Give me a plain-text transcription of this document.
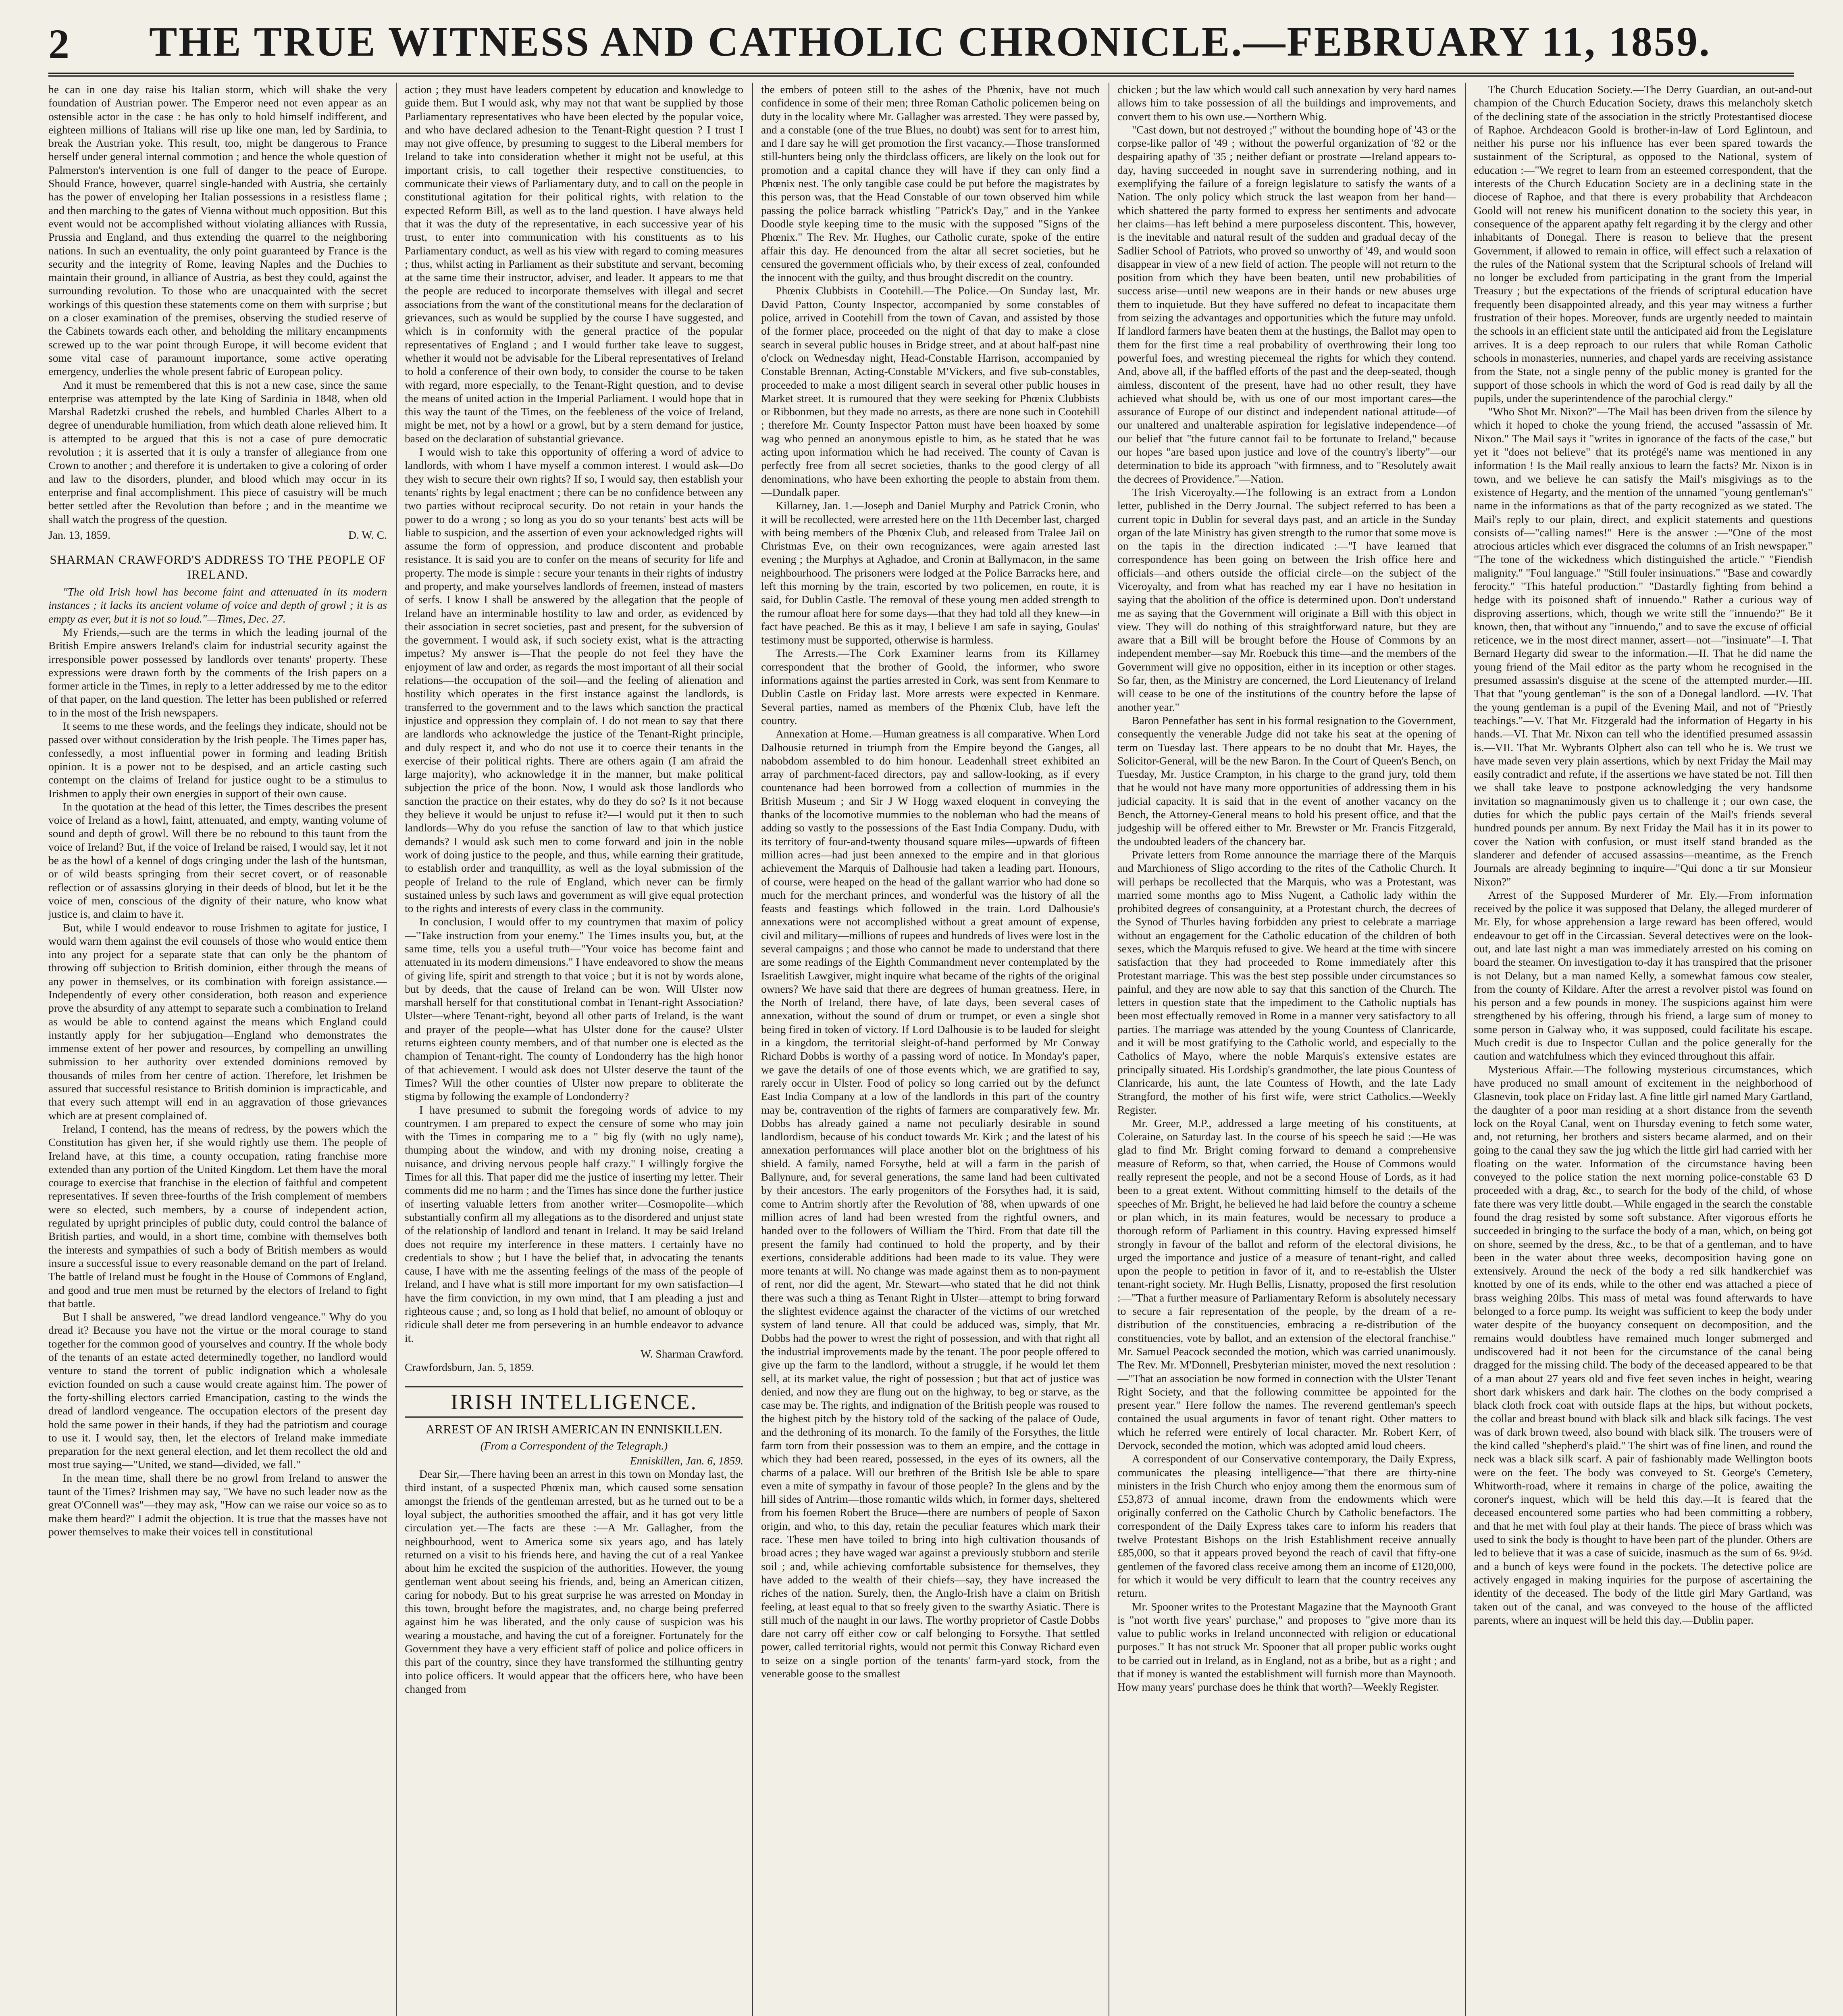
2 THE TRUE WITNESS AND CATHOLIC CHRONICLE.—FEBRUARY 11, 1859.

he can in one day raise his Italian storm, which will shake the very foundation of Austrian power. The Emperor need not even appear as an ostensible actor in the case : he has only to hold himself indifferent, and eighteen millions of Italians will rise up like one man, led by Sardinia, to break the Austrian yoke. This result, too, might be dangerous to France herself under general internal commotion ; and hence the whole question of Palmerston's intervention is one full of danger to the peace of Europe. Should France, however, quarrel single-handed with Austria, she certainly has the power of enveloping her Italian possessions in a resistless flame ; and then marching to the gates of Vienna without much opposition. But this event would not be accomplished without violating alliances with Russia, Prussia and England, and thus extending the quarrel to the neighboring nations. In such an eventuality, the only point guaranteed by France is the security and the integrity of Rome, leaving Naples and the Duchies to maintain their ground, in alliance of Austria, as best they could, against the surrounding revolution. To those who are unacquainted with the secret workings of this question these statements come on them with surprise ; but on a closer examination of the premises, observing the studied reserve of the Cabinets towards each other, and beholding the military encampments screwed up to the war point through Europe, it will become evident that some vital case of paramount importance, some active operating emergency, underlies the whole present fabric of European policy.

And it must be remembered that this is not a new case, since the same enterprise was attempted by the late King of Sardinia in 1848, when old Marshal Radetzki crushed the rebels, and humbled Charles Albert to a degree of unendurable humiliation, from which death alone relieved him. It is attempted to be argued that this is not a case of pure democratic revolution ; it is asserted that it is only a transfer of allegiance from one Crown to another ; and therefore it is undertaken to give a coloring of order and law to the disorders, plunder, and blood which may occur in its enterprise and final accomplishment. This piece of casuistry will be much better settled after the Revolution than before ; and in the meantime we shall watch the progress of the question.

Jan. 13, 1859.	D. W. C.
SHARMAN CRAWFORD'S ADDRESS TO THE PEOPLE OF IRELAND.

"The old Irish howl has become faint and attenuated in its modern instances ; it lacks its ancient volume of voice and depth of growl ; it is as empty as ever, but it is not so loud."—Times, Dec. 27.

My Friends,—such are the terms in which the leading journal of the British Empire answers Ireland's claim for industrial security against the irresponsible power possessed by landlords over tenants' property. These expressions were drawn forth by the comments of the Irish papers on a former article in the Times, in reply to a letter addressed by me to the editor of that paper, on the land question. The letter has been published or referred to in the most of the Irish newspapers.

It seems to me these words, and the feelings they indicate, should not be passed over without consideration by the Irish people. The Times paper has, confessedly, a most influential power in forming and leading British opinion. It is a power not to be despised, and an article casting such contempt on the claims of Ireland for justice ought to be a stimulus to Irishmen to apply their own energies in support of their own cause.

In the quotation at the head of this letter, the Times describes the present voice of Ireland as a howl, faint, attenuated, and empty, wanting volume of sound and depth of growl. Will there be no rebound to this taunt from the voice of Ireland? But, if the voice of Ireland be raised, I would say, let it not be as the howl of a kennel of dogs cringing under the lash of the huntsman, or of wild beasts springing from their secret covert, or of reasonable reflection or of assassins glorying in their deeds of blood, but let it be the voice of men, conscious of the dignity of their nature, who know what justice is, and claim to have it.

But, while I would endeavor to rouse Irishmen to agitate for justice, I would warn them against the evil counsels of those who would entice them into any project for a separate state that can only be the phantom of throwing off subjection to British dominion, either through the means of any power in themselves, or its combination with foreign assistance.—Independently of every other consideration, both reason and experience prove the absurdity of any attempt to separate such a combination to Ireland as would be able to contend against the means which England could instantly apply for her subjugation—England who demonstrates the immense extent of her power and resources, by compelling an unwilling submission to her authority over extended dominions removed by thousands of miles from her centre of action. Therefore, let Irishmen be assured that successful resistance to British dominion is impracticable, and that every such attempt will end in an aggravation of those grievances which are at present complained of.

Ireland, I contend, has the means of redress, by the powers which the Constitution has given her, if she would rightly use them. The people of Ireland have, at this time, a county occupation, rating franchise more extended than any portion of the United Kingdom. Let them have the moral courage to exercise that franchise in the election of faithful and competent representatives. If seven three-fourths of the Irish complement of members were so elected, such members, by a course of independent action, regulated by upright principles of public duty, could control the balance of British parties, and would, in a short time, combine with themselves both the interests and sympathies of such a body of British members as would insure a successful issue to every reasonable demand on the part of Ireland. The battle of Ireland must be fought in the House of Commons of England, and good and true men must be returned by the electors of Ireland to fight that battle.

But I shall be answered, "we dread landlord vengeance." Why do you dread it? Because you have not the virtue or the moral courage to stand together for the common good of yourselves and country. If the whole body of the tenants of an estate acted determinedly together, no landlord would venture to stand the torrent of public indignation which a wholesale eviction founded on such a cause would create against him. The power of the forty-shilling electors carried Emancipation, casting to the winds the dread of landlord vengeance. The occupation electors of the present day hold the same power in their hands, if they had the patriotism and courage to use it. I would say, then, let the electors of Ireland make immediate preparation for the next general election, and let them recollect the old and most true saying—"United, we stand—divided, we fall."

In the mean time, shall there be no growl from Ireland to answer the taunt of the Times? Irishmen may say, "We have no such leader now as the great O'Connell was"—they may ask, "How can we raise our voice so as to make them heard?" I admit the objection. It is true that the masses have not power themselves to make their voices tell in constitutional

action ; they must have leaders competent by education and knowledge to guide them. But I would ask, why may not that want be supplied by those Parliamentary representatives who have been elected by the popular voice, and who have declared adhesion to the Tenant-Right question ? I trust I may not give offence, by presuming to suggest to the Liberal members for Ireland to take into consideration whether it might not be useful, at this important crisis, to call together their respective constituencies, to communicate their views of Parliamentary duty, and to call on the people in constitutional agitation for their political rights, with relation to the expected Reform Bill, as well as to the land question. I have always held that it was the duty of the representative, in each successive year of his trust, to enter into communication with his constituents as to his Parliamentary conduct, as well as his view with regard to coming measures ; thus, whilst acting in Parliament as their substitute and servant, becoming at the same time their instructor, adviser, and leader. It appears to me that the people are reduced to incorporate themselves with illegal and secret associations from the want of the constitutional means for the declaration of grievances, such as would be supplied by the course I have suggested, and which is in conformity with the general practice of the popular representatives of England ; and I would further take leave to suggest, whether it would not be advisable for the Liberal representatives of Ireland to hold a conference of their own body, to consider the course to be taken with regard, more especially, to the Tenant-Right question, and to devise the means of united action in the Imperial Parliament. I would hope that in this way the taunt of the Times, on the feebleness of the voice of Ireland, might be met, not by a howl or a growl, but by a stern demand for justice, based on the declaration of substantial grievance.

I would wish to take this opportunity of offering a word of advice to landlords, with whom I have myself a common interest. I would ask—Do they wish to secure their own rights? If so, I would say, then establish your tenants' rights by legal enactment ; there can be no confidence between any two parties without reciprocal security. Do not retain in your hands the power to do a wrong ; so long as you do so your tenants' best acts will be liable to suspicion, and the assertion of even your acknowledged rights will assume the form of oppression, and produce discontent and probable resistance. It is said you are to confer on the means of security for life and property. The mode is simple : secure your tenants in their rights of industry and property, and make yourselves landlords of freemen, instead of masters of serfs. I know I shall be answered by the allegation that the people of Ireland have an interminable hostility to law and order, as evidenced by their association in secret societies, past and present, for the subversion of the government. I would ask, if such society exist, what is the attracting impetus? My answer is—That the people do not feel they have the enjoyment of law and order, as regards the most important of all their social relations—the occupation of the soil—and the feeling of alienation and hostility which operates in the first instance against the landlords, is transferred to the government and to the laws which sanction the practical injustice and oppression they complain of. I do not mean to say that there are landlords who acknowledge the justice of the Tenant-Right principle, and duly respect it, and who do not use it to coerce their tenants in the exercise of their political rights. There are others again (I am afraid the large majority), who acknowledge it in the manner, but make political subjection the price of the boon. Now, I would ask those landlords who sanction the practice on their estates, why do they do so? Is it not because they believe it would be unjust to refuse it?—I would put it then to such landlords—Why do you refuse the sanction of law to that which justice demands? I would ask such men to come forward and join in the noble work of doing justice to the people, and thus, while earning their gratitude, to establish order and tranquillity, as well as the loyal submission of the people of Ireland to the rule of England, which never can be firmly sustained unless by such laws and government as will give equal protection to the rights and interests of every class in the community.

In conclusion, I would offer to my countrymen that maxim of policy—"Take instruction from your enemy." The Times insults you, but, at the same time, tells you a useful truth—"Your voice has become faint and attenuated in its modern dimensions." I have endeavored to show the means of giving life, spirit and strength to that voice ; but it is not by words alone, but by deeds, that the cause of Ireland can be won. Will Ulster now marshall herself for that constitutional combat in Tenant-right Association? Ulster—where Tenant-right, beyond all other parts of Ireland, is the want and prayer of the people—what has Ulster done for the cause? Ulster returns eighteen county members, and of that number one is elected as the champion of Tenant-right. The county of Londonderry has the high honor of that achievement. I would ask does not Ulster deserve the taunt of the Times? Will the other counties of Ulster now prepare to obliterate the stigma by following the example of Londonderry?

I have presumed to submit the foregoing words of advice to my countrymen. I am prepared to expect the censure of some who may join with the Times in comparing me to a " big fly (with no ugly name), thumping about the window, and with my droning noise, creating a nuisance, and driving nervous people half crazy." I willingly forgive the Times for all this. That paper did me the justice of inserting my letter. Their comments did me no harm ; and the Times has since done the further justice of inserting valuable letters from another writer—Cosmopolite—which substantially confirm all my allegations as to the disordered and unjust state of the relationship of landlord and tenant in Ireland. It may be said Ireland does not require my interference in these matters. I certainly have no credentials to show ; but I have the belief that, in advocating the tenants cause, I have with me the assenting feelings of the mass of the people of Ireland, and I have what is still more important for my own satisfaction—I have the firm conviction, in my own mind, that I am pleading a just and righteous cause ; and, so long as I hold that belief, no amount of obloquy or ridicule shall deter me from persevering in an humble endeavor to advance it.

W. Sharman Crawford.
Crawfordsburn, Jan. 5, 1859.
IRISH INTELLIGENCE.
ARREST OF AN IRISH AMERICAN IN ENNISKILLEN.
(From a Correspondent of the Telegraph.)
Enniskillen, Jan. 6, 1859.

Dear Sir,—There having been an arrest in this town on Monday last, the third instant, of a suspected Phœnix man, which caused some sensation amongst the friends of the gentleman arrested, but as he turned out to be a loyal subject, the authorities smoothed the affair, and it has got very little circulation yet.—The facts are these :—A Mr. Gallagher, from the neighbourhood, went to America some six years ago, and has lately returned on a visit to his friends here, and having the cut of a real Yankee about him he excited the suspicion of the authorities. However, the young gentleman went about seeing his friends, and, being an American citizen, caring for nobody. But to his great surprise he was arrested on Monday in this town, brought before the magistrates, and, no charge being preferred against him he was liberated, and the only cause of suspicion was his wearing a moustache, and having the cut of a foreigner. Fortunately for the Government they have a very efficient staff of police and police officers in this part of the country, since they have transformed the stilhunting gentry into police officers. It would appear that the officers here, who have been changed from

the embers of poteen still to the ashes of the Phœnix, have not much confidence in some of their men; three Roman Catholic policemen being on duty in the locality where Mr. Gallagher was arrested. They were passed by, and a constable (one of the true Blues, no doubt) was sent for to arrest him, and I dare say he will get promotion the first vacancy.—Those transformed still-hunters being only the thirdclass officers, are likely on the look out for promotion and a capital chance they will have if they can only find a Phœnix nest. The only tangible case could be put before the magistrates by this person was, that the Head Constable of our town observed him while passing the police barrack whistling "Patrick's Day," and in the Yankee Doodle style keeping time to the music with the supposed "Signs of the Phœnix." The Rev. Mr. Hughes, our Catholic curate, spoke of the entire affair this day. He denounced from the altar all secret societies, but he censured the government officials who, by their excess of zeal, confounded the innocent with the guilty, and thus brought discredit on the country.

Phœnix Clubbists in Cootehill.—The Police.—On Sunday last, Mr. David Patton, County Inspector, accompanied by some constables of police, arrived in Cootehill from the town of Cavan, and assisted by those of the former place, proceeded on the night of that day to make a close search in several public houses in Bridge street, and at about half-past nine o'clock on Wednesday night, Head-Constable Harrison, accompanied by Constable Brennan, Acting-Constable M'Vickers, and five sub-constables, proceeded to make a most diligent search in several other public houses in Market street. It is rumoured that they were seeking for Phœnix Clubbists or Ribbonmen, but they made no arrests, as there are none such in Cootehill ; therefore Mr. County Inspector Patton must have been hoaxed by some wag who penned an anonymous epistle to him, as he stated that he was acting upon information which he had received. The county of Cavan is perfectly free from all secret societies, thanks to the good clergy of all denominations, who have been exhorting the people to abstain from them.—Dundalk paper.

Killarney, Jan. 1.—Joseph and Daniel Murphy and Patrick Cronin, who it will be recollected, were arrested here on the 11th December last, charged with being members of the Phœnix Club, and released from Tralee Jail on Christmas Eve, on their own recognizances, were again arrested last evening ; the Murphys at Aghadoe, and Cronin at Ballymacon, in the same neighbourhood. The prisoners were lodged at the Police Barracks here, and left this morning by the train, escorted by two policemen, en route, it is said, for Dublin Castle. The removal of these young men added strength to the rumour afloat here for some days—that they had told all they knew—in fact have peached. Be this as it may, I believe I am safe in saying, Goulas' testimony must be supported, otherwise is harmless.

The Arrests.—The Cork Examiner learns from its Killarney correspondent that the brother of Goold, the informer, who swore informations against the parties arrested in Cork, was sent from Kenmare to Dublin Castle on Friday last. More arrests were expected in Kenmare. Several parties, named as members of the Phœnix Club, have left the country.

Annexation at Home.—Human greatness is all comparative. When Lord Dalhousie returned in triumph from the Empire beyond the Ganges, all nabobdom assembled to do him honour. Leadenhall street exhibited an array of parchment-faced directors, pay and sallow-looking, as if every countenance had been borrowed from a collection of mummies in the British Museum ; and Sir J W Hogg waxed eloquent in conveying the thanks of the locomotive mummies to the nobleman who had the means of adding so vastly to the possessions of the East India Company. Dudu, with its territory of four-and-twenty thousand square miles—upwards of fifteen million acres—had just been annexed to the empire and in that glorious achievement the Marquis of Dalhousie had taken a leading part. Honours, of course, were heaped on the head of the gallant warrior who had done so much for the merchant princes, and wonderful was the history of all the feasts and feastings which followed in the train. Lord Dalhousie's annexations were not accomplished without a great amount of expense, civil and military—millions of rupees and hundreds of lives were lost in the several campaigns ; and those who cannot be made to understand that there are some readings of the Eighth Commandment never contemplated by the Israelitish Lawgiver, might inquire what became of the rights of the original owners? We have said that there are degrees of human greatness. Here, in the North of Ireland, there have, of late days, been several cases of annexation, without the sound of drum or trumpet, or even a single shot being fired in token of victory. If Lord Dalhousie is to be lauded for sleight in a kingdom, the territorial sleight-of-hand performed by Mr Conway Richard Dobbs is worthy of a passing word of notice. In Monday's paper, we gave the details of one of those events which, we are gratified to say, rarely occur in Ulster. Food of policy so long carried out by the defunct East India Company at a low of the landlords in this part of the country may be, contravention of the rights of farmers are comparatively few. Mr. Dobbs has already gained a name not peculiarly desirable in sound landlordism, because of his conduct towards Mr. Kirk ; and the latest of his annexation performances will place another blot on the brightness of his shield. A family, named Forsythe, held at will a farm in the parish of Ballynure, and, for several generations, the same land had been cultivated by their ancestors. The early progenitors of the Forsythes had, it is said, come to Antrim shortly after the Revolution of '88, when upwards of one million acres of land had been wrested from the rightful owners, and handed over to the followers of William the Third. From that date till the present the family had continued to hold the property, and by their exertions, considerable additions had been made to its value. They were more tenants at will. No change was made against them as to non-payment of rent, nor did the agent, Mr. Stewart—who stated that he did not think there was such a thing as Tenant Right in Ulster—attempt to bring forward the slightest evidence against the character of the victims of our wretched system of land tenure. All that could be adduced was, simply, that Mr. Dobbs had the power to wrest the right of possession, and with that right all the industrial improvements made by the tenant. The poor people offered to give up the farm to the landlord, without a struggle, if he would let them sell, at its market value, the right of possession ; but that act of justice was denied, and now they are flung out on the highway, to beg or starve, as the case may be. The rights, and indignation of the British people was roused to the highest pitch by the history told of the sacking of the palace of Oude, and the dethroning of its monarch. To the family of the Forsythes, the little farm torn from their possession was to them an empire, and the cottage in which they had been reared, possessed, in the eyes of its owners, all the charms of a palace. Will our brethren of the British Isle be able to spare even a mite of sympathy in favour of those people? In the glens and by the hill sides of Antrim—those romantic wilds which, in former days, sheltered from his foemen Robert the Bruce—there are numbers of people of Saxon origin, and who, to this day, retain the peculiar features which mark their race. These men have toiled to bring into high cultivation thousands of broad acres ; they have waged war against a previously stubborn and sterile soil ; and, while achieving comfortable subsistence for themselves, they have added to the wealth of their chiefs—say, they have increased the riches of the nation. Surely, then, the Anglo-Irish have a claim on British feeling, at least equal to that so freely given to the swarthy Asiatic. There is still much of the naught in our laws. The worthy proprietor of Castle Dobbs dare not carry off either cow or calf belonging to Forsythe. That settled power, called territorial rights, would not permit this Conway Richard even to seize on a single portion of the tenants' farm-yard stock, from the venerable goose to the smallest

chicken ; but the law which would call such annexation by very hard names allows him to take possession of all the buildings and improvements, and convert them to his own use.—Northern Whig.

"Cast down, but not destroyed ;" without the bounding hope of '43 or the corpse-like pallor of '49 ; without the powerful organization of '82 or the despairing apathy of '35 ; neither defiant or prostrate —Ireland appears to-day, having succeeded in nought save in surrendering nothing, and in exemplifying the failure of a foreign legislature to satisfy the wants of a Nation. The only policy which struck the last weapon from her hand—which shattered the party formed to express her sentiments and advocate her claims—has left behind a mere purposeless discontent. This, however, is the inevitable and natural result of the sudden and gradual decay of the Sadlier School of Patriots, who proved so unworthy of '49, and would soon disappear in view of a new field of action. The people will not return to the position from which they have been beaten, until new probabilities of success arise—until new weapons are in their hands or new abuses urge them to inquietude. But they have suffered no defeat to incapacitate them from seizing the advantages and opportunities which the future may unfold. If landlord farmers have beaten them at the hustings, the Ballot may open to them for the first time a real probability of overthrowing their long too powerful foes, and wresting piecemeal the rights for which they contend. And, above all, if the baffled efforts of the past and the deep-seated, though aimless, discontent of the present, have had no other result, they have achieved what should be, with us one of our most important cares—the assurance of Europe of our distinct and independent national attitude—of our unaltered and unalterable aspiration for legislative independence—of our belief that "the future cannot fail to be fortunate to Ireland," because our hopes "are based upon justice and love of the country's liberty"—our determination to bide its approach "with firmness, and to "Resolutely await the decrees of Providence."—Nation.

The Irish Viceroyalty.—The following is an extract from a London letter, published in the Derry Journal. The subject referred to has been a current topic in Dublin for several days past, and an article in the Sunday organ of the late Ministry has given strength to the rumor that some move is on the tapis in the direction indicated :—"I have learned that correspondence has been going on between the Irish office here and officials—and others outside the official circle—on the subject of the Viceroyalty, and from what has reached my ear I have no hesitation in saying that the abolition of the office is determined upon. Don't understand me as saying that the Government will originate a Bill with this object in view. They will do nothing of this straightforward nature, but they are aware that a Bill will be brought before the House of Commons by an independent member—say Mr. Roebuck this time—and the members of the Government will give no opposition, either in its inception or other stages. So far, then, as the Ministry are concerned, the Lord Lieutenancy of Ireland will cease to be one of the institutions of the country before the lapse of another year."

Baron Pennefather has sent in his formal resignation to the Government, consequently the venerable Judge did not take his seat at the opening of term on Tuesday last. There appears to be no doubt that Mr. Hayes, the Solicitor-General, will be the new Baron. In the Court of Queen's Bench, on Tuesday, Mr. Justice Crampton, in his charge to the grand jury, told them that he would not have many more opportunities of addressing them in his judicial capacity. It is said that in the event of another vacancy on the Bench, the Attorney-General means to hold his present office, and that the judgeship will be offered either to Mr. Brewster or Mr. Francis Fitzgerald, the undoubted leaders of the chancery bar.

Private letters from Rome announce the marriage there of the Marquis and Marchioness of Sligo according to the rites of the Catholic Church. It will perhaps be recollected that the Marquis, who was a Protestant, was married some months ago to Miss Nugent, a Catholic lady within the prohibited degrees of consanguinity, at a Protestant church, the decrees of the Synod of Thurles having forbidden any priest to celebrate a marriage without an engagement for the Catholic education of the children of both sexes, which the Marquis refused to give. We heard at the time with sincere satisfaction that they had proceeded to Rome immediately after this Protestant marriage. This was the best step possible under circumstances so painful, and they are now able to say that this sanction of the Church. The letters in question state that the impediment to the Catholic nuptials has been most effectually removed in Rome in a manner very satisfactory to all parties. The marriage was attended by the young Countess of Clanricarde, and it will be most gratifying to the Catholic world, and especially to the Catholics of Mayo, where the noble Marquis's extensive estates are principally situated. His Lordship's grandmother, the late pious Countess of Clanricarde, his aunt, the late Countess of Howth, and the late Lady Strangford, the mother of his first wife, were strict Catholics.—Weekly Register.

Mr. Greer, M.P., addressed a large meeting of his constituents, at Coleraine, on Saturday last. In the course of his speech he said :—He was glad to find Mr. Bright coming forward to demand a comprehensive measure of Reform, so that, when carried, the House of Commons would really represent the people, and not be a second House of Lords, as it had been to a great extent. Without committing himself to the details of the speeches of Mr. Bright, he believed he had laid before the country a scheme or plan which, in its main features, would be necessary to produce a thorough reform of Parliament in this country. Having expressed himself strongly in favour of the ballot and reform of the electoral divisions, he urged the importance and justice of a measure of tenant-right, and called upon the people to petition in favor of it, and to re-establish the Ulster tenant-right society. Mr. Hugh Bellis, Lisnatty, proposed the first resolution :—"That a further measure of Parliamentary Reform is absolutely necessary to secure a fair representation of the people, by the dream of a re-distribution of the constituencies, embracing a re-distribution of the constituencies, vote by ballot, and an extension of the electoral franchise." Mr. Samuel Peacock seconded the motion, which was carried unanimously. The Rev. Mr. M'Donnell, Presbyterian minister, moved the next resolution :—"That an association be now formed in connection with the Ulster Tenant Right Society, and that the following committee be appointed for the present year." Here follow the names. The reverend gentleman's speech contained the usual arguments in favor of tenant right. Other matters to which he referred were entirely of local character. Mr. Robert Kerr, of Dervock, seconded the motion, which was adopted amid loud cheers.

A correspondent of our Conservative contemporary, the Daily Express, communicates the pleasing intelligence—"that there are thirty-nine ministers in the Irish Church who enjoy among them the enormous sum of £53,873 of annual income, drawn from the endowments which were originally conferred on the Catholic Church by Catholic benefactors. The correspondent of the Daily Express takes care to inform his readers that twelve Protestant Bishops on the Irish Establishment receive annually £85,000, so that it appears proved beyond the reach of cavil that fifty-one gentlemen of the favored class receive among them an income of £120,000, for which it would be very difficult to learn that the country receives any return.

Mr. Spooner writes to the Protestant Magazine that the Maynooth Grant is "not worth five years' purchase," and proposes to "give more than its value to public works in Ireland unconnected with religion or educational purposes." It has not struck Mr. Spooner that all proper public works ought to be carried out in Ireland, as in England, not as a bribe, but as a right ; and that if money is wanted the establishment will furnish more than Maynooth. How many years' purchase does he think that worth?—Weekly Register.

The Church Education Society.—The Derry Guardian, an out-and-out champion of the Church Education Society, draws this melancholy sketch of the declining state of the association in the strictly Protestantised diocese of Raphoe. Archdeacon Goold is brother-in-law of Lord Eglintoun, and neither his purse nor his influence has ever been spared towards the sustainment of the Scriptural, as opposed to the National, system of education :—"We regret to learn from an esteemed correspondent, that the interests of the Church Education Society are in a declining state in the diocese of Raphoe, and that there is every probability that Archdeacon Goold will not renew his munificent donation to the society this year, in consequence of the apparent apathy felt regarding it by the clergy and other inhabitants of Donegal. There is reason to believe that the present Government, if allowed to remain in office, will effect such a relaxation of the rules of the National system that the Scriptural schools of Ireland will no longer be excluded from participating in the grant from the Imperial Treasury ; but the expectations of the friends of scriptural education have frequently been disappointed already, and this year may witness a further frustration of their hopes. Moreover, funds are urgently needed to maintain the schools in an efficient state until the anticipated aid from the Legislature arrives. It is a deep reproach to our rulers that while Roman Catholic schools in monasteries, nunneries, and chapel yards are receiving assistance from the State, not a single penny of the public money is granted for the support of those schools in which the word of God is read daily by all the pupils, under the superintendence of the parochial clergy."

"Who Shot Mr. Nixon?"—The Mail has been driven from the silence by which it hoped to choke the young friend, the accused "assassin of Mr. Nixon." The Mail says it "writes in ignorance of the facts of the case," but yet it "does not believe" that its protégé's name was mentioned in any information ! Is the Mail really anxious to learn the facts? Mr. Nixon is in town, and we believe he can satisfy the Mail's misgivings as to the existence of Hegarty, and the mention of the unnamed "young gentleman's" name in the informations as that of the party recognized as we stated. The Mail's reply to our plain, direct, and explicit statements and questions consists of—"calling names!" Here is the answer :—"One of the most atrocious articles which ever disgraced the columns of an Irish newspaper." "The tone of the wickedness which distinguished the article." "Fiendish malignity." "Foul language." "Still fouler insinuations." "Base and cowardly ferocity." "This hateful production." "Dastardly fighting from behind a hedge with its poisoned shaft of innuendo." Rather a curious way of disproving assertions, which, though we write still the "innuendo?" Be it known, then, that without any "innuendo," and to save the excuse of official reticence, we in the most direct manner, assert—not—"insinuate"—I. That Bernard Hegarty did swear to the information.—II. That he did name the young friend of the Mail editor as the party whom he recognised in the presumed assassin's disguise at the scene of the attempted murder.—III. That that "young gentleman" is the son of a Donegal landlord. —IV. That the young gentleman is a pupil of the Evening Mail, and not of "Priestly teachings."—V. That Mr. Fitzgerald had the information of Hegarty in his hands.—VI. That Mr. Nixon can tell who the identified presumed assassin is.—VII. That Mr. Wybrants Olphert also can tell who he is. We trust we have made seven very plain assertions, which by next Friday the Mail may easily contradict and refute, if the assertions we have stated be not. Till then we shall take leave to postpone acknowledging the very handsome invitation so magnanimously given us to challenge it ; our own case, the duties for which the public pays certain of the Mail's friends several hundred pounds per annum. By next Friday the Mail has it in its power to cover the Nation with confusion, or must itself stand branded as the slanderer and defender of accused assassins—meantime, as the French Journals are already beginning to inquire—"Qui donc a tir sur Monsieur Nixon?"

Arrest of the Supposed Murderer of Mr. Ely.—From information received by the police it was supposed that Delany, the alleged murderer of Mr. Ely, for whose apprehension a large reward has been offered, would endeavour to get off in the Circassian. Several detectives were on the look-out, and late last night a man was immediately arrested on his coming on board the steamer. On investigation to-day it has transpired that the prisoner is not Delany, but a man named Kelly, a somewhat famous cow stealer, from the county of Kildare. After the arrest a revolver pistol was found on his person and a few pounds in money. The suspicions against him were strengthened by his offering, through his friend, a large sum of money to some person in Galway who, it was supposed, could facilitate his escape. Much credit is due to Inspector Cullan and the police generally for the caution and watchfulness which they evinced throughout this affair.

Mysterious Affair.—The following mysterious circumstances, which have produced no small amount of excitement in the neighborhood of Glasnevin, took place on Friday last. A fine little girl named Mary Gartland, the daughter of a poor man residing at a short distance from the seventh lock on the Royal Canal, went on Thursday evening to fetch some water, and, not returning, her brothers and sisters became alarmed, and on their going to the canal they saw the jug which the little girl had carried with her floating on the water. Information of the circumstance having been conveyed to the police station the next morning police-constable 63 D proceeded with a drag, &c., to search for the body of the child, of whose fate there was very little doubt.—While engaged in the search the constable found the drag resisted by some soft substance. After vigorous efforts he succeeded in bringing to the surface the body of a man, which, on being got on shore, seemed by the dress, &c., to be that of a gentleman, and to have been in the water about three weeks, decomposition having gone on extensively. Around the neck of the body a red silk handkerchief was knotted by one of its ends, while to the other end was attached a piece of brass weighing 20lbs. This mass of metal was found afterwards to have belonged to a force pump. Its weight was sufficient to keep the body under water despite of the buoyancy consequent on decomposition, and the remains would doubtless have remained much longer submerged and undiscovered had it not been for the circumstance of the canal being dragged for the missing child. The body of the deceased appeared to be that of a man about 27 years old and five feet seven inches in height, wearing short dark whiskers and dark hair. The clothes on the body comprised a black cloth frock coat with outside flaps at the hips, but without pockets, the collar and breast bound with black silk and black silk facings. The vest was of dark brown tweed, also bound with black silk. The trousers were of the kind called "shepherd's plaid." The shirt was of fine linen, and round the neck was a black silk scarf. A pair of fashionably made Wellington boots were on the feet. The body was conveyed to St. George's Cemetery, Whitworth-road, where it remains in charge of the police, awaiting the coroner's inquest, which will be held this day.—It is feared that the deceased encountered some parties who had been committing a robbery, and that he met with foul play at their hands. The piece of brass which was used to sink the body is thought to have been part of the plunder. Others are led to believe that it was a case of suicide, inasmuch as the sum of 6s. 9½d. and a bunch of keys were found in the pockets. The detective police are actively engaged in making inquiries for the purpose of ascertaining the identity of the deceased. The body of the little girl Mary Gartland, was taken out of the canal, and was conveyed to the house of the afflicted parents, where an inquest will be held this day.—Dublin paper.
